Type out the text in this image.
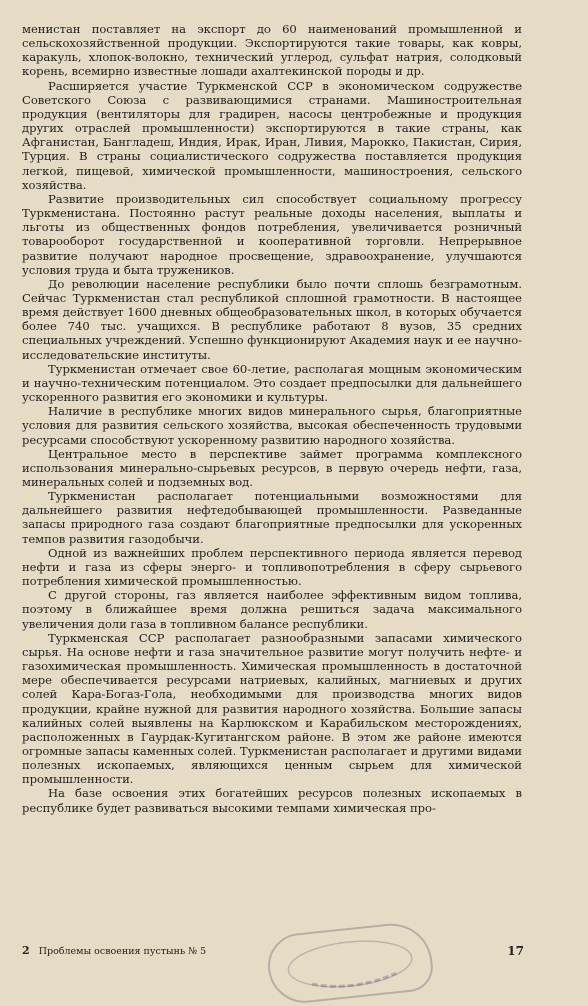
менистан поставляет на экспорт до 60 наименований промышленной и сельскохозяйственной продукции. Экспортируются такие товары, как ковры, каракуль, хлопок-волокно, технический углерод, сульфат натрия, солодковый корень, всемирно известные лошади ахалтекинской породы и др.

Расширяется участие Туркменской ССР в экономическом содружестве Советского Союза с развивающимися странами. Машиностроительная продукция (вентиляторы для градирен, насосы центробежные и продукция других отраслей промышленности) экспортируются в такие страны, как Афганистан, Бангладеш, Индия, Ирак, Иран, Ливия, Марокко, Пакистан, Сирия, Турция. В страны социалистического содружества поставляется продукция легкой, пищевой, химической промышленности, машиностроения, сельского хозяйства.

Развитие производительных сил способствует социальному прогрессу Туркменистана. Постоянно растут реальные доходы населения, выплаты и льготы из общественных фондов потребления, увеличивается розничный товарооборот государственной и кооперативной торговли. Непрерывное развитие получают народное просвещение, здравоохранение, улучшаются условия труда и быта тружеников.

До революции население республики было почти сплошь безграмотным. Сейчас Туркменистан стал республикой сплошной грамотности. В настоящее время действует 1600 дневных общеобразовательных школ, в которых обучается более 740 тыс. учащихся. В республике работают 8 вузов, 35 средних специальных учреждений. Успешно функционируют Академия наук и ее научно-исследовательские институты.

Туркменистан отмечает свое 60-летие, располагая мощным экономическим и научно-техническим потенциалом. Это создает предпосылки для дальнейшего ускоренного развития его экономики и культуры.

Наличие в республике многих видов минерального сырья, благоприятные условия для развития сельского хозяйства, высокая обеспеченность трудовыми ресурсами способствуют ускоренному развитию народного хозяйства.

Центральное место в перспективе займет программа комплексного использования минерально-сырьевых ресурсов, в первую очередь нефти, газа, минеральных солей и подземных вод.

Туркменистан располагает потенциальными возможностями для дальнейшего развития нефтедобывающей промышленности. Разведанные запасы природного газа создают благоприятные предпосылки для ускоренных темпов развития газодобычи.

Одной из важнейших проблем перспективного периода является перевод нефти и газа из сферы энерго- и топливопотребления в сферу сырьевого потребления химической промышленностью.

С другой стороны, газ является наиболее эффективным видом топлива, поэтому в ближайшее время должна решиться задача максимального увеличения доли газа в топливном балансе республики.

Туркменская ССР располагает разнообразными запасами химического сырья. На основе нефти и газа значительное развитие могут получить нефте- и газохимическая промышленность. Химическая промышленность в достаточной мере обеспечивается ресурсами натриевых, калийных, магниевых и других солей Кара-Богаз-Гола, необходимыми для производства многих видов продукции, крайне нужной для развития народного хозяйства. Большие запасы калийных солей выявлены на Карлюкском и Карабильском месторождениях, расположенных в Гаурдак-Кугитангском районе. В этом же районе имеются огромные запасы каменных солей. Туркменистан располагает и другими видами полезных ископаемых, являющихся ценным сырьем для химической промышленности.

На базе освоения этих богатейших ресурсов полезных ископаемых в республике будет развиваться высокими темпами химическая про-

2 Проблемы освоения пустынь № 5	17
